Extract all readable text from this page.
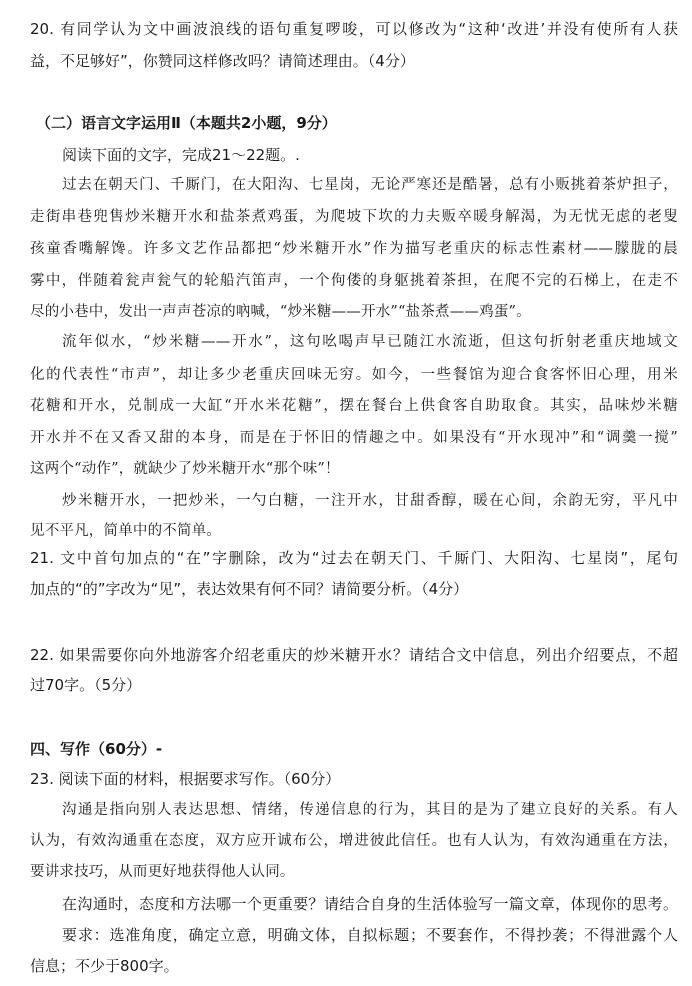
20. 有同学认为文中画波浪线的语句重复啰唆，可以修改为“这种‘改进’并没有使所有人获
益，不足够好”，你赞同这样修改吗？请简述理由。（4分）
（二）语言文字运用Ⅱ（本题共2小题，9分）
阅读下面的文字，完成21～22题。.
过去在朝天门、千厮门，在大阳沟、七星岗，无论严寒还是酷暑，总有小贩挑着茶炉担子，
走街串巷兜售炒米糖开水和盐茶煮鸡蛋，为爬坡下坎的力夫贩卒暖身解渴，为无忧无虑的老叟
孩童香嘴解馋。许多文艺作品都把“炒米糖开水”作为描写老重庆的标志性素材——朦胧的晨
雾中，伴随着瓮声瓮气的轮船汽笛声，一个佝偻的身躯挑着茶担，在爬不完的石梯上，在走不
尽的小巷中，发出一声声苍凉的吶喊，“炒米糖——开水”“盐茶煮——鸡蛋”。
流年似水，“炒米糖——开水”，这句吆喝声早已随江水流逝，但这句折射老重庆地域文
化的代表性“市声”，却让多少老重庆回味无穷。如今，一些餐馆为迎合食客怀旧心理，用米
花糖和开水，兑制成一大缸“开水米花糖”，摆在餐台上供食客自助取食。其实，品味炒米糖
开水并不在又香又甜的本身，而是在于怀旧的情趣之中。如果没有“开水现冲”和“调羹一搅”
这两个“动作”，就缺少了炒米糖开水“那个味”！
炒米糖开水，一把炒米，一勺白糖，一注开水，甘甜香醇，暖在心间，余韵无穷，平凡中
见不平凡，简单中的不简单。
21. 文中首句加点的“在”字删除，改为“过去在朝天门、千厮门、大阳沟、七星岗”，尾句
加点的“的”字改为“见”，表达效果有何不同？请简要分析。（4分）
22. 如果需要你向外地游客介绍老重庆的炒米糖开水？请结合文中信息，列出介绍要点，不超
过70字。（5分）
四、写作（60分）-
23. 阅读下面的材料，根据要求写作。（60分）
沟通是指向别人表达思想、情绪，传递信息的行为，其目的是为了建立良好的关系。有人
认为，有效沟通重在态度，双方应开诚布公，增进彼此信任。也有人认为，有效沟通重在方法，
要讲求技巧，从而更好地获得他人认同。
在沟通时，态度和方法哪一个更重要？请结合自身的生活体验写一篇文章，体现你的思考。
要求：选准角度，确定立意，明确文体，自拟标题；不要套作，不得抄袭；不得泄露个人
信息；不少于800字。
